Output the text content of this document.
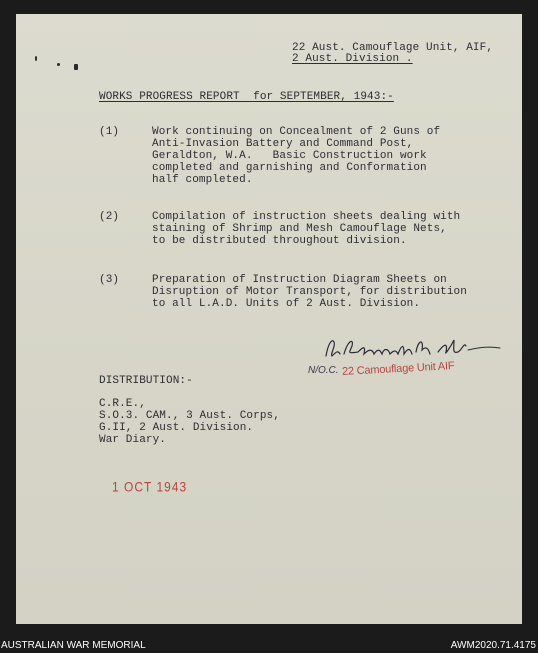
22 Aust. Camouflage Unit, AIF,
2 Aust. Division .
WORKS PROGRESS REPORT  for SEPTEMBER, 1943:-
(1)	Work continuing on Concealment of 2 Guns of
Anti-Invasion Battery and Command Post,
Geraldton, W.A.   Basic Construction work
completed and garnishing and Conformation
half completed.
(2)	Compilation of instruction sheets dealing with
staining of Shrimp and Mesh Camouflage Nets,
to be distributed throughout division.
(3)	Preparation of Instruction Diagram Sheets on
Disruption of Motor Transport, for distribution
to all L.A.D. Units of 2 Aust. Division.
DISTRIBUTION:-
C.R.E.,
S.O.3. CAM., 3 Aust. Corps,
G.II, 2 Aust. Division.
War Diary.
1 OCT 1943
N/O.C. 22 Camouflage Unit AIF
AUSTRALIAN WAR MEMORIAL	AWM2020.71.4175
